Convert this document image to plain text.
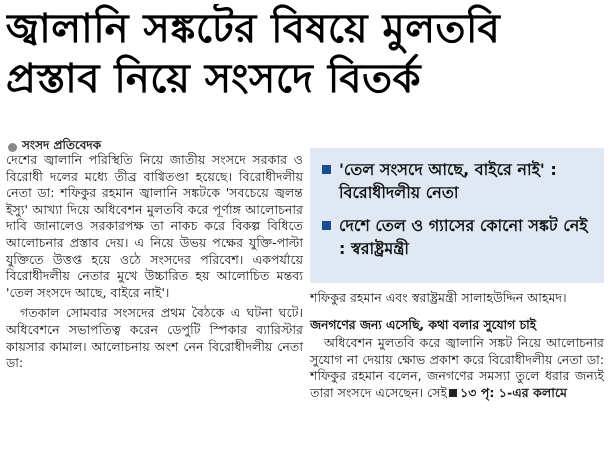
জ্বালানি সঙ্কটের বিষয়ে মুলতবি
প্রস্তাব নিয়ে সংসদে বিতর্ক
সংসদ প্রতিবেদক

দেশের জ্বালানি পরিস্থিতি নিয়ে জাতীয় সংসদে সরকার ও বিরোধী দলের মধ্যে তীব্র বাগ্বিতণ্ডা হয়েছে। বিরোধীদলীয় নেতা ডা: শফিকুর রহমান জ্বালানি সঙ্কটকে 'সবচেয়ে জ্বলন্ত ইস্যু' আখ্যা দিয়ে অধিবেশন মুলতবি করে পূর্ণাঙ্গ আলোচনার দাবি জানালেও সরকারপক্ষ তা নাকচ করে বিকল্প বিধিতে আলোচনার প্রস্তাব দেয়। এ নিয়ে উভয় পক্ষের যুক্তি-পাল্টা যুক্তিতে উত্তপ্ত হয়ে ওঠে সংসদের পরিবেশ। একপর্যায়ে বিরোধীদলীয় নেতার মুখে উচ্চারিত হয় আলোচিত মন্তব্য 'তেল সংসদে আছে, বাইরে নাই'।

গতকাল সোমবার সংসদের প্রথম বৈঠকে এ ঘটনা ঘটে। অধিবেশনে সভাপতিত্ব করেন ডেপুটি স্পিকার ব্যারিস্টার কায়সার কামাল। আলোচনায় অংশ নেন বিরোধীদলীয় নেতা ডা:

'তেল সংসদে আছে, বাইরে নাই' : বিরোধীদলীয় নেতা
দেশে তেল ও গ্যাসের কোনো সঙ্কট নেই : স্বরাষ্ট্রমন্ত্রী

শফিকুর রহমান এবং স্বরাষ্ট্রমন্ত্রী সালাহউদ্দিন আহমদ।

জনগণের জন্য এসেছি, কথা বলার সুযোগ চাই

অধিবেশন মুলতবি করে জ্বালানি সঙ্কট নিয়ে আলোচনার সুযোগ না দেয়ায় ক্ষোভ প্রকাশ করে বিরোধীদলীয় নেতা ডা: শফিকুর রহমান বলেন, জনগণের সমস্যা তুলে ধরার জন্যই তারা সংসদে এসেছেন। সেই ১৩ পৃ: ১-এর কলামে
